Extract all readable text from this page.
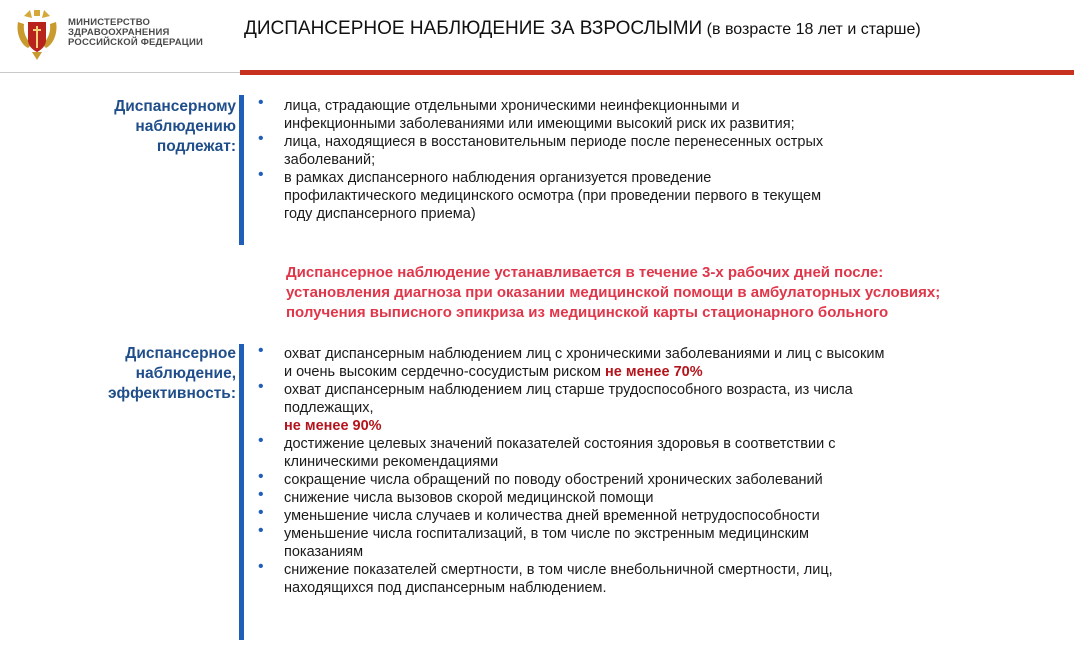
МИНИСТЕРСТВО
ЗДРАВООХРАНЕНИЯ
РОССИЙСКОЙ ФЕДЕРАЦИИ
ДИСПАНСЕРНОЕ НАБЛЮДЕНИЕ ЗА ВЗРОСЛЫМИ (в возрасте 18 лет и старше)
Диспансерному
наблюдению
подлежат:
• лица, страдающие отдельными хроническими неинфекционными и
инфекционными заболеваниями или имеющими высокий риск их развития;
• лица, находящиеся в восстановительным периоде после перенесенных острых
заболеваний;
• в рамках диспансерного наблюдения организуется проведение
профилактического медицинского осмотра (при проведении первого в текущем
году диспансерного приема)
Диспансерное наблюдение устанавливается в течение 3-х рабочих дней после:
установления диагноза при оказании медицинской помощи в амбулаторных условиях;
получения выписного эпикриза из медицинской карты стационарного больного
Диспансерное
наблюдение,
эффективность:
• охват диспансерным наблюдением лиц с хроническими заболеваниями и лиц с высоким
и очень высоким сердечно-сосудистым риском не менее 70%
• охват диспансерным наблюдением лиц старше трудоспособного возраста, из числа
подлежащих,
не менее 90%
• достижение целевых значений показателей состояния здоровья в соответствии с
клиническими рекомендациями
• сокращение числа обращений по поводу обострений хронических заболеваний
• снижение числа вызовов скорой медицинской помощи
• уменьшение числа случаев и количества дней временной нетрудоспособности
• уменьшение числа госпитализаций, в том числе по экстренным медицинским
показаниям
• снижение показателей смертности, в том числе внебольничной смертности, лиц,
находящихся под диспансерным наблюдением.
